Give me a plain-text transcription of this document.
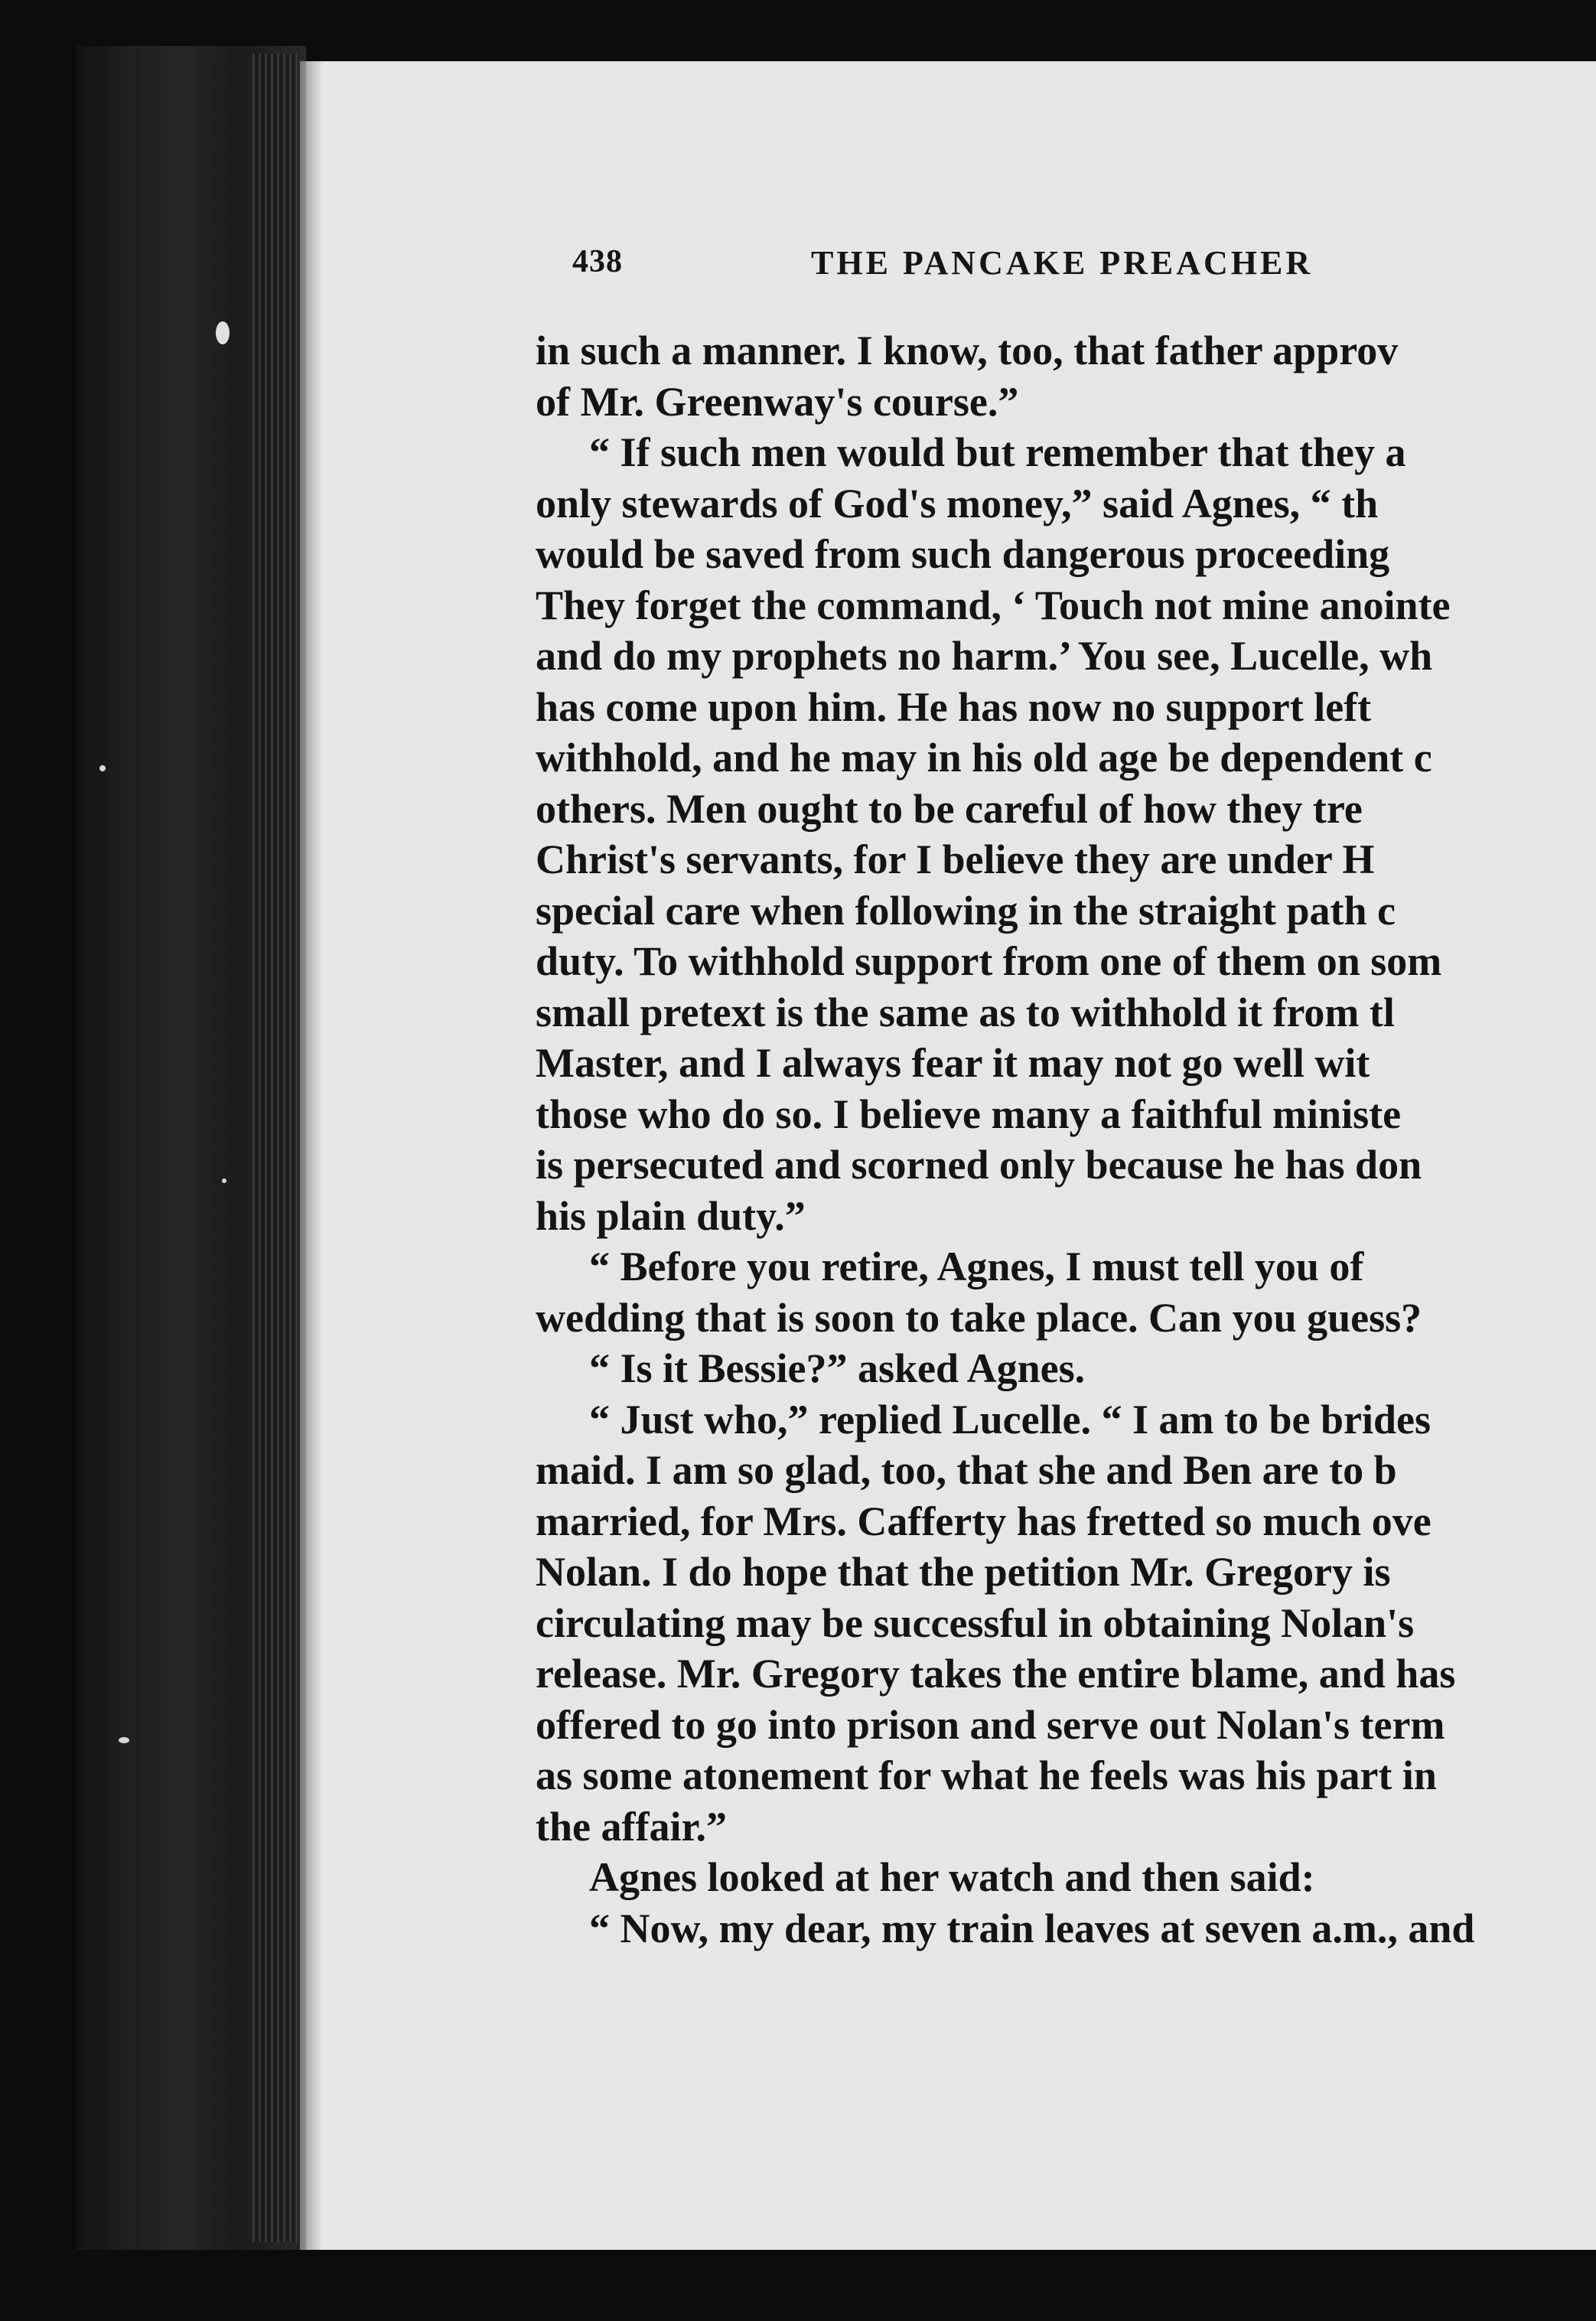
438	THE PANCAKE PREACHER
in such a manner. I know, too, that father approv
of Mr. Greenway's course.”
“ If such men would but remember that they a
only stewards of God's money,” said Agnes, “ th
would be saved from such dangerous proceeding
They forget the command, ‘ Touch not mine anointe
and do my prophets no harm.’ You see, Lucelle, wh
has come upon him. He has now no support left
withhold, and he may in his old age be dependent c
others. Men ought to be careful of how they tre
Christ's servants, for I believe they are under H
special care when following in the straight path c
duty. To withhold support from one of them on som
small pretext is the same as to withhold it from tl
Master, and I always fear it may not go well wit
those who do so. I believe many a faithful ministe
is persecuted and scorned only because he has don
his plain duty.”
“ Before you retire, Agnes, I must tell you of
wedding that is soon to take place. Can you guess?
“ Is it Bessie?” asked Agnes.
“ Just who,” replied Lucelle. “ I am to be brides
maid. I am so glad, too, that she and Ben are to b
married, for Mrs. Cafferty has fretted so much ove
Nolan. I do hope that the petition Mr. Gregory is
circulating may be successful in obtaining Nolan's
release. Mr. Gregory takes the entire blame, and has
offered to go into prison and serve out Nolan's term
as some atonement for what he feels was his part in
the affair.”
Agnes looked at her watch and then said:
“ Now, my dear, my train leaves at seven a.m., and
